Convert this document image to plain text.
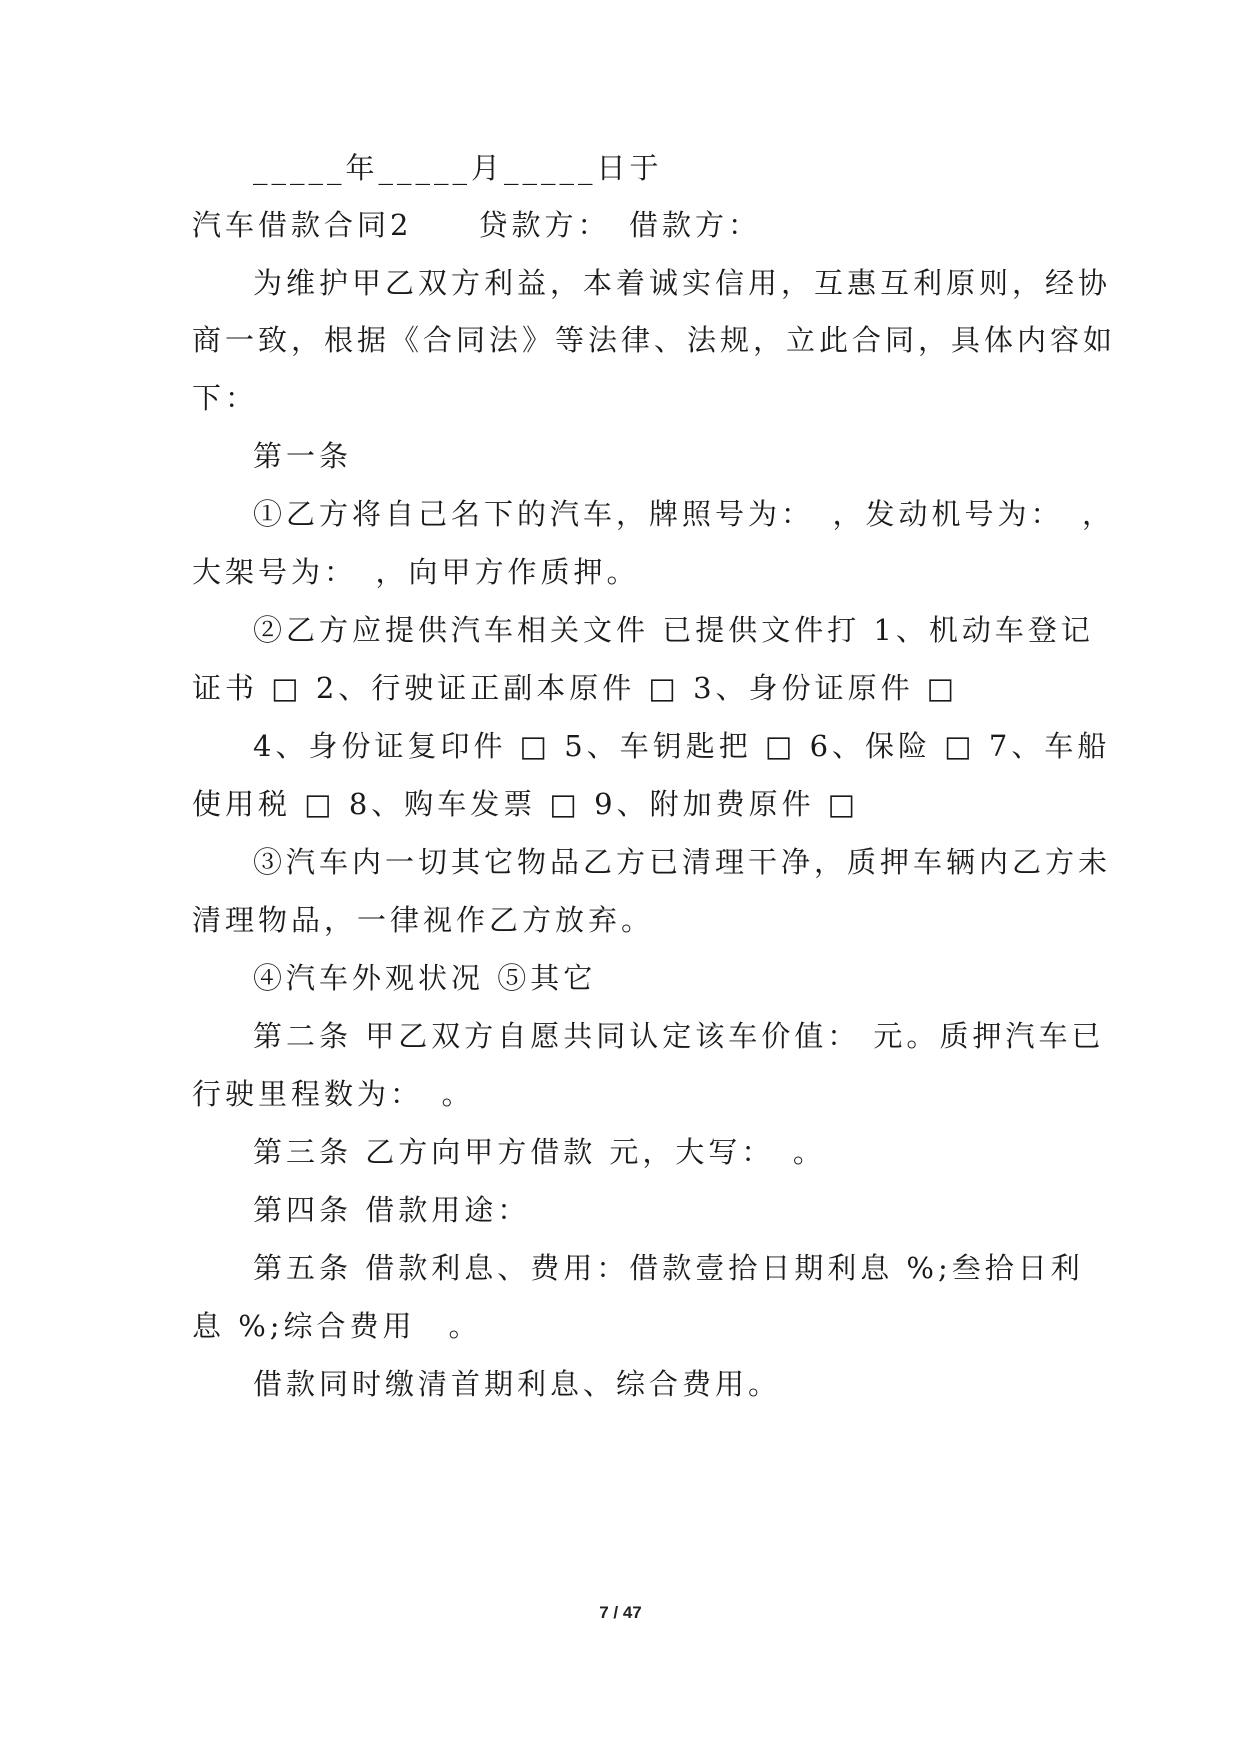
_____年_____月_____日于
汽车借款合同2　　贷款方：　借款方：
为维护甲乙双方利益，本着诚实信用，互惠互利原则，经协
商一致，根据《合同法》等法律、法规，立此合同，具体内容如
下：
第一条
①乙方将自己名下的汽车，牌照号为：　，发动机号为：　，
大架号为：　，向甲方作质押。
②乙方应提供汽车相关文件 已提供文件打 1、机动车登记
证书 □ 2、行驶证正副本原件 □ 3、身份证原件 □
4、身份证复印件 □ 5、车钥匙把 □ 6、保险 □ 7、车船
使用税 □ 8、购车发票 □ 9、附加费原件 □
③汽车内一切其它物品乙方已清理干净，质押车辆内乙方未
清理物品，一律视作乙方放弃。
④汽车外观状况 ⑤其它
第二条 甲乙双方自愿共同认定该车价值： 元。质押汽车已
行驶里程数为：　。
第三条 乙方向甲方借款 元，大写：　。
第四条 借款用途：
第五条 借款利息、费用：借款壹拾日期利息 %;叁拾日利
息 %;综合费用　。
借款同时缴清首期利息、综合费用。
7 / 47
